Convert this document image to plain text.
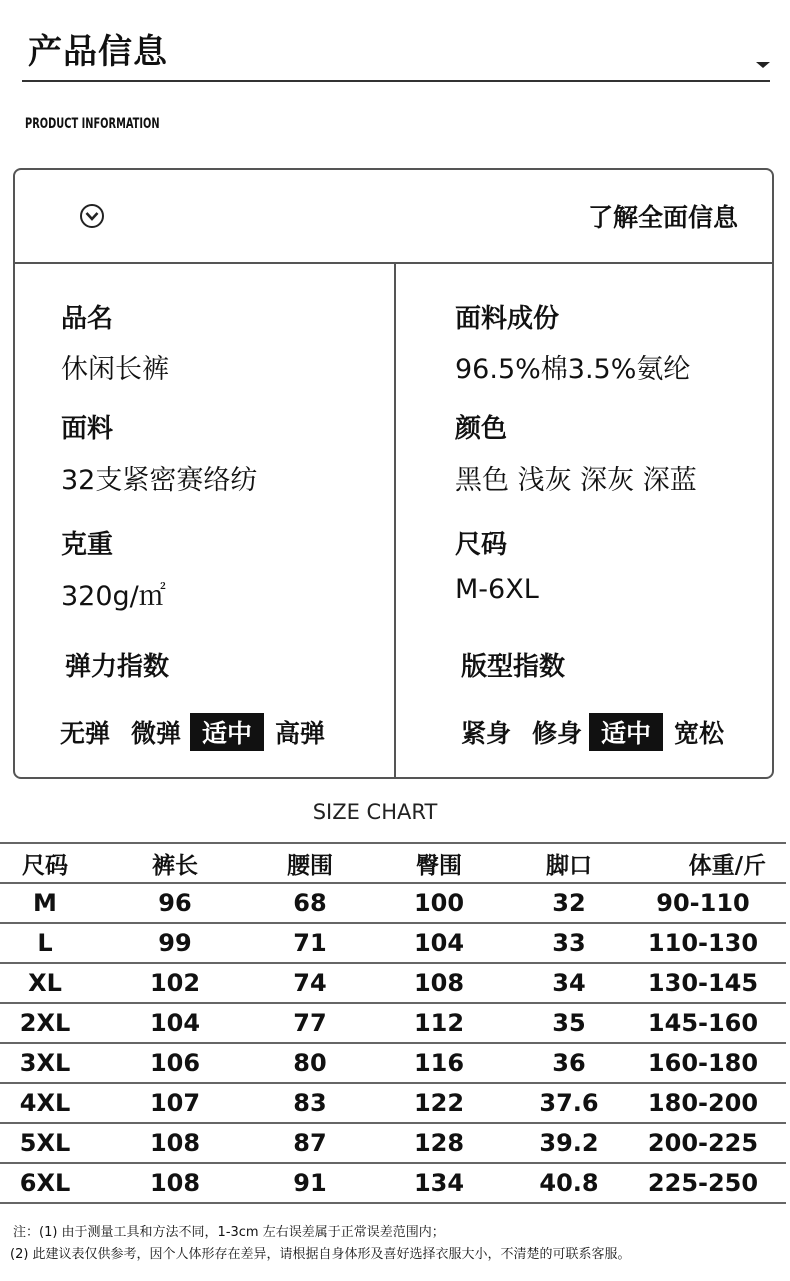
产品信息
PRODUCT INFORMATION
了解全面信息
品名
休闲长裤
面料
32支紧密赛络纺
克重
320g/㎡
面料成份
96.5%棉3.5%氨纶
颜色
黑色 浅灰 深灰 深蓝
尺码
M-6XL
弹力指数
无弹 微弹 适中 高弹
版型指数
紧身 修身 适中 宽松
SIZE CHART
尺码	裤长	腰围	臀围	脚口	体重/斤
M	96	68	100	32	90-110
L	99	71	104	33	110-130
XL	102	74	108	34	130-145
2XL	104	77	112	35	145-160
3XL	106	80	116	36	160-180
4XL	107	83	122	37.6	180-200
5XL	108	87	128	39.2	200-225
6XL	108	91	134	40.8	225-250
注：(1) 由于测量工具和方法不同，1-3cm 左右误差属于正常误差范围内；
(2) 此建议表仅供参考，因个人体形存在差异，请根据自身体形及喜好选择衣服大小，不清楚的可联系客服。
